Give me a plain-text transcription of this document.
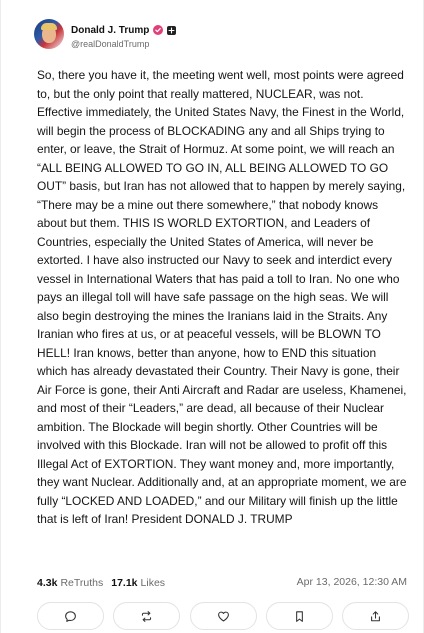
Donald J. Trump
@realDonaldTrump
So, there you have it, the meeting went well, most points were agreed to, but the only point that really mattered, NUCLEAR, was not. Effective immediately, the United States Navy, the Finest in the World, will begin the process of BLOCKADING any and all Ships trying to enter, or leave, the Strait of Hormuz. At some point, we will reach an “ALL BEING ALLOWED TO GO IN, ALL BEING ALLOWED TO GO OUT” basis, but Iran has not allowed that to happen by merely saying, “There may be a mine out there somewhere,” that nobody knows about but them. THIS IS WORLD EXTORTION, and Leaders of Countries, especially the United States of America, will never be extorted. I have also instructed our Navy to seek and interdict every vessel in International Waters that has paid a toll to Iran. No one who pays an illegal toll will have safe passage on the high seas. We will also begin destroying the mines the Iranians laid in the Straits. Any Iranian who fires at us, or at peaceful vessels, will be BLOWN TO HELL! Iran knows, better than anyone, how to END this situation which has already devastated their Country. Their Navy is gone, their Air Force is gone, their Anti Aircraft and Radar are useless, Khamenei, and most of their “Leaders,” are dead, all because of their Nuclear ambition. The Blockade will begin shortly. Other Countries will be involved with this Blockade. Iran will not be allowed to profit off this Illegal Act of EXTORTION. They want money and, more importantly, they want Nuclear. Additionally and, at an appropriate moment, we are fully “LOCKED AND LOADED,” and our Military will finish up the little that is left of Iran! President DONALD J. TRUMP
4.3k ReTruths 17.1k Likes	Apr 13, 2026, 12:30 AM
